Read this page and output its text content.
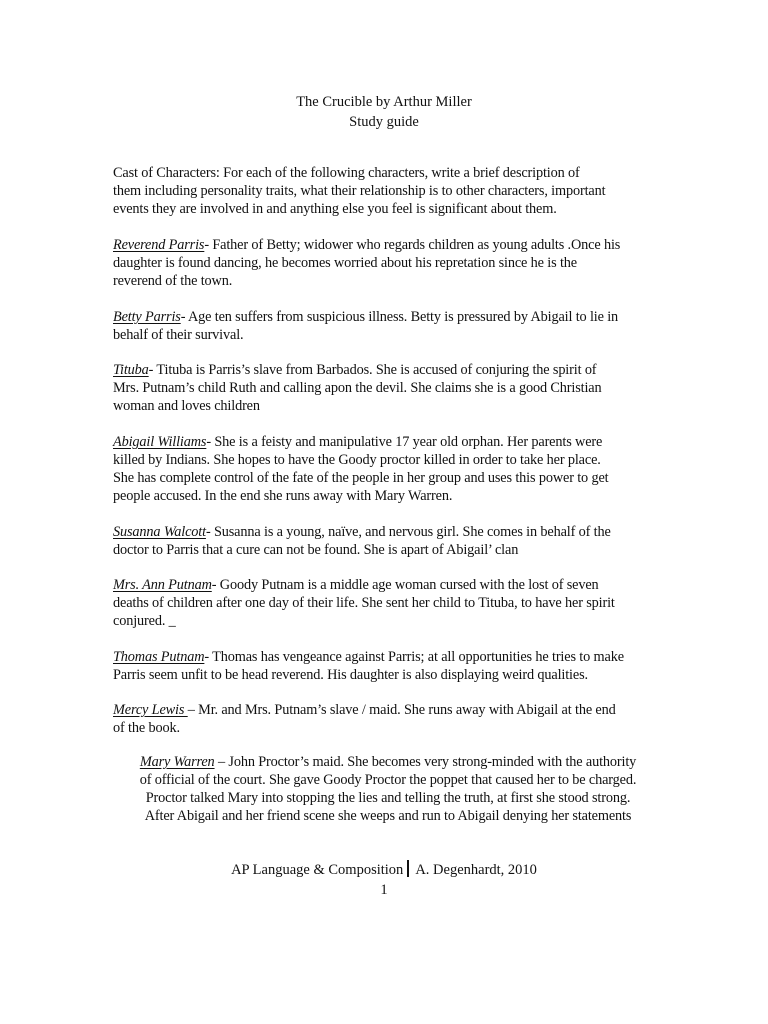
The Crucible by Arthur Miller
Study guide

Cast of Characters: For each of the following characters, write a brief description of

them including personality traits, what their relationship is to other characters, important

events they are involved in and anything else you feel is significant about them.

Reverend Parris- Father of Betty; widower who regards children as young adults .Once his

daughter is found dancing, he becomes worried about his repretation since he is the

reverend of the town.

Betty Parris- Age ten suffers from suspicious illness. Betty is pressured by Abigail to lie in

behalf of their survival.

Tituba- Tituba is Parris’s slave from Barbados. She is accused of conjuring the spirit of

Mrs. Putnam’s child Ruth and calling apon the devil. She claims she is a good Christian

woman and loves children

Abigail Williams- She is a feisty and manipulative 17 year old orphan. Her parents were

killed by Indians. She hopes to have the Goody proctor killed in order to take her place.

She has complete control of the fate of the people in her group and uses this power to get

people accused. In the end she runs away with Mary Warren.

Susanna Walcott- Susanna is a young, naïve, and nervous girl. She comes in behalf of the

doctor to Parris that a cure can not be found. She is apart of Abigail’ clan

Mrs. Ann Putnam- Goody Putnam is a middle age woman cursed with the lost of seven

deaths of children after one day of their life. She sent her child to Tituba, to have her spirit

conjured. _

Thomas Putnam- Thomas has vengeance against Parris; at all opportunities he tries to make

Parris seem unfit to be head reverend. His daughter is also displaying weird qualities.

Mercy Lewis – Mr. and Mrs. Putnam’s slave / maid. She runs away with Abigail at the end

of the book.

Mary Warren – John Proctor’s maid. She becomes very strong-minded with the authority

of official of the court. She gave Goody Proctor the poppet that caused her to be charged.

Proctor talked Mary into stopping the lies and telling the truth, at first she stood strong.

After Abigail and her friend scene she weeps and run to Abigail denying her statements

AP Language & Composition A. Degenhardt, 2010
1
